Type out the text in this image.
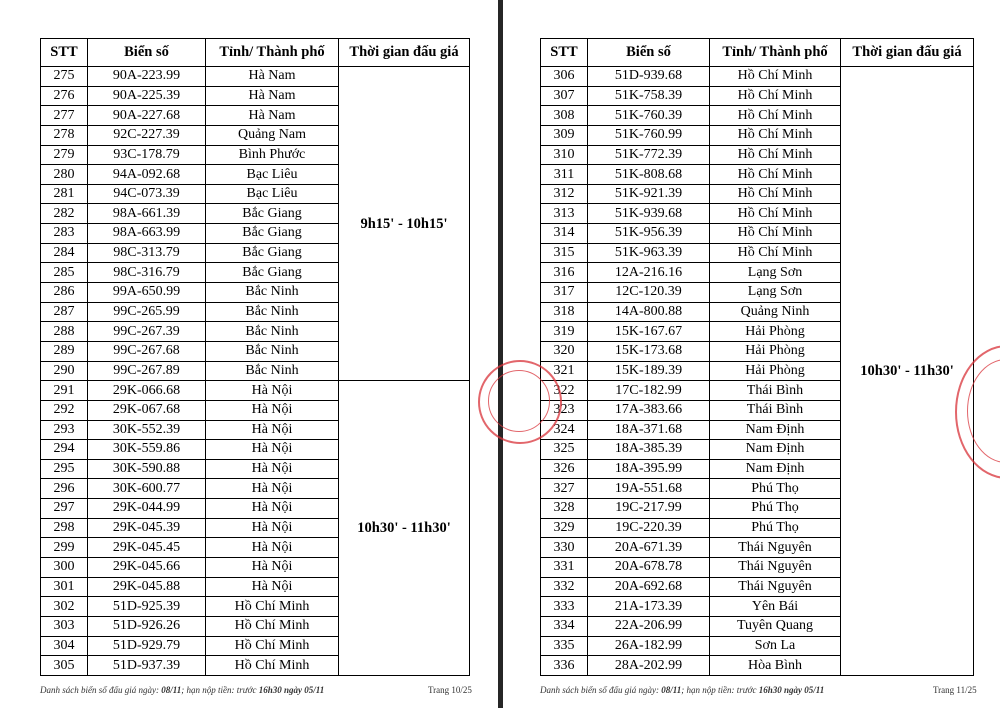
STT	Biển số	Tỉnh/ Thành phố	Thời gian đấu giá
275	90A-223.99	Hà Nam	9h15' - 10h15'
276	90A-225.39	Hà Nam	
277	90A-227.68	Hà Nam	
278	92C-227.39	Quảng Nam	
279	93C-178.79	Bình Phước	
280	94A-092.68	Bạc Liêu	
281	94C-073.39	Bạc Liêu	
282	98A-661.39	Bắc Giang	
283	98A-663.99	Bắc Giang	
284	98C-313.79	Bắc Giang	
285	98C-316.79	Bắc Giang	
286	99A-650.99	Bắc Ninh	
287	99C-265.99	Bắc Ninh	
288	99C-267.39	Bắc Ninh	
289	99C-267.68	Bắc Ninh	
290	99C-267.89	Bắc Ninh	
291	29K-066.68	Hà Nội	10h30' - 11h30'
292	29K-067.68	Hà Nội	
293	30K-552.39	Hà Nội	
294	30K-559.86	Hà Nội	
295	30K-590.88	Hà Nội	
296	30K-600.77	Hà Nội	
297	29K-044.99	Hà Nội	
298	29K-045.39	Hà Nội	
299	29K-045.45	Hà Nội	
300	29K-045.66	Hà Nội	
301	29K-045.88	Hà Nội	
302	51D-925.39	Hồ Chí Minh	
303	51D-926.26	Hồ Chí Minh	
304	51D-929.79	Hồ Chí Minh	
305	51D-937.39	Hồ Chí Minh	
Danh sách biển số đấu giá ngày: 08/11; hạn nộp tiền: trước 16h30 ngày 05/11	Trang 10/25
STT	Biển số	Tỉnh/ Thành phố	Thời gian đấu giá
306	51D-939.68	Hồ Chí Minh	10h30' - 11h30'
307	51K-758.39	Hồ Chí Minh	
308	51K-760.39	Hồ Chí Minh	
309	51K-760.99	Hồ Chí Minh	
310	51K-772.39	Hồ Chí Minh	
311	51K-808.68	Hồ Chí Minh	
312	51K-921.39	Hồ Chí Minh	
313	51K-939.68	Hồ Chí Minh	
314	51K-956.39	Hồ Chí Minh	
315	51K-963.39	Hồ Chí Minh	
316	12A-216.16	Lạng Sơn	
317	12C-120.39	Lạng Sơn	
318	14A-800.88	Quảng Ninh	
319	15K-167.67	Hải Phòng	
320	15K-173.68	Hải Phòng	
321	15K-189.39	Hải Phòng	
322	17C-182.99	Thái Bình	
323	17A-383.66	Thái Bình	
324	18A-371.68	Nam Định	
325	18A-385.39	Nam Định	
326	18A-395.99	Nam Định	
327	19A-551.68	Phú Thọ	
328	19C-217.99	Phú Thọ	
329	19C-220.39	Phú Thọ	
330	20A-671.39	Thái Nguyên	
331	20A-678.78	Thái Nguyên	
332	20A-692.68	Thái Nguyên	
333	21A-173.39	Yên Bái	
334	22A-206.99	Tuyên Quang	
335	26A-182.99	Sơn La	
336	28A-202.99	Hòa Bình	
Danh sách biển số đấu giá ngày: 08/11; hạn nộp tiền: trước 16h30 ngày 05/11	Trang 11/25
